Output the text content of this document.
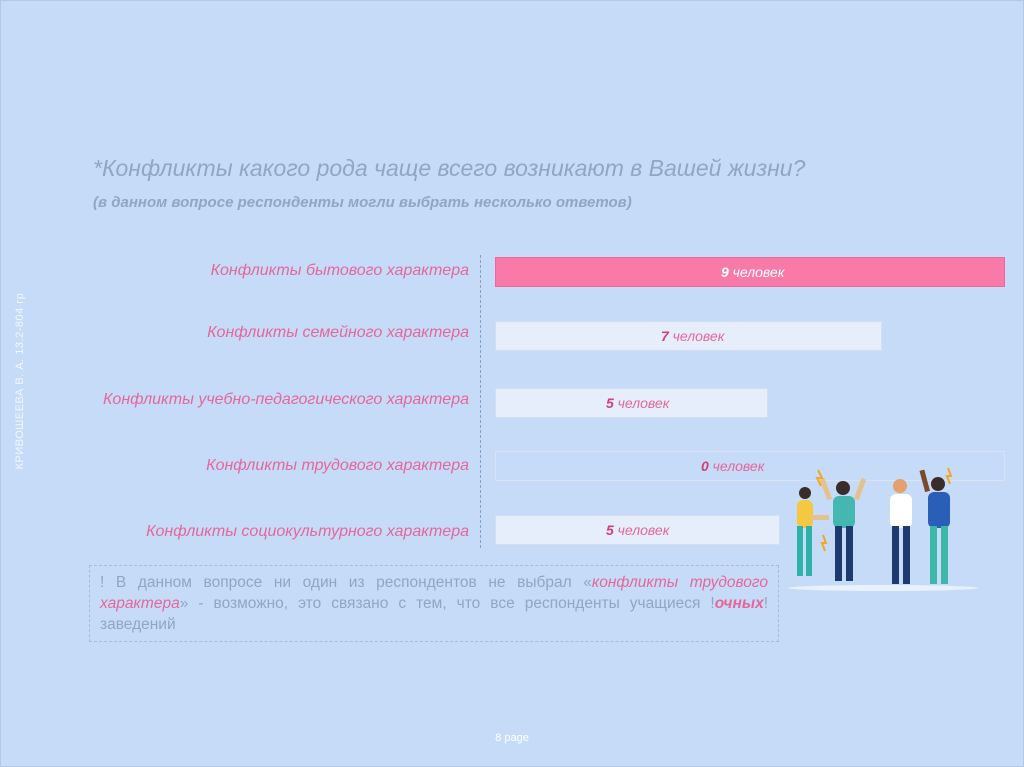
КРИВОШЕЕВА В. А. 13.2-804 гр
*Конфликты какого рода чаще всего возникают в Вашей жизни?
(в данном вопросе респонденты могли выбрать несколько ответов)
Конфликты бытового характера	9 человек
Конфликты семейного характера	7 человек
Конфликты учебно-педагогического характера	5 человек
Конфликты трудового характера	0 человек
Конфликты социокультурного характера	5 человек
! В данном вопросе ни один из респондентов не выбрал «конфликты трудового характера» - возможно, это связано с тем, что все респонденты учащиеся !очных! заведений
8 page
